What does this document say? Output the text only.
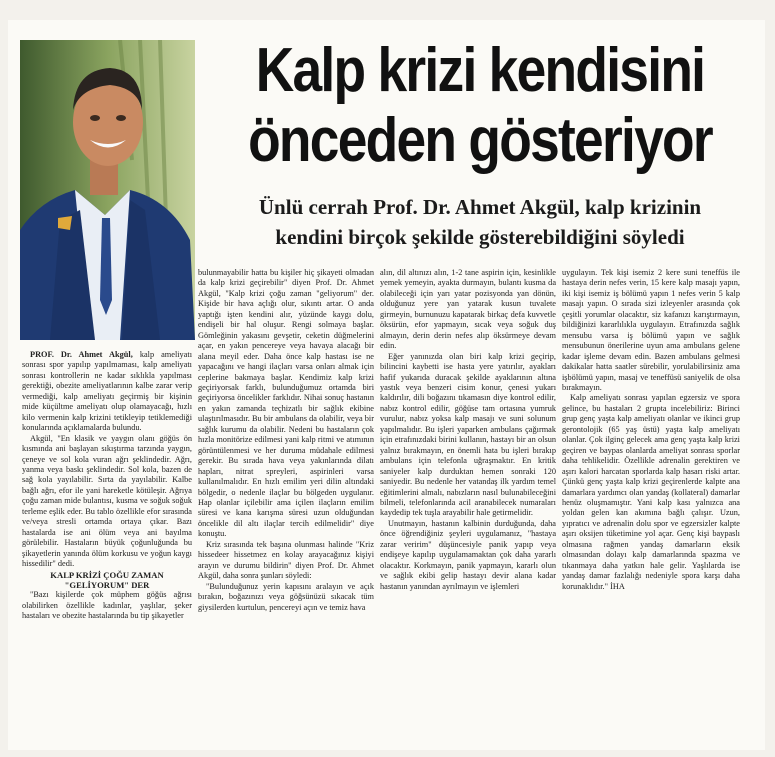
Kalp krizi kendisini
önceden gösteriyor
Ünlü cerrah Prof. Dr. Ahmet Akgül, kalp krizinin
kendini birçok şekilde gösterebildiğini söyledi

PROF. Dr. Ahmet Akgül, kalp ameliyatı sonrası spor yapılıp yapılmaması, kalp ameliyatı sonrası kontrollerin ne kadar sıklıkla yapılması gerektiği, obezite ameliyatlarının kalbe zarar verip vermediği, kalp ameliyatı geçirmiş bir kişinin mide küçültme ameliyatı olup olamayacağı, hızlı kilo vermenin kalp krizini tetikleyip tetiklemediği konularında açıklamalarda bulundu.

Akgül, "En klasik ve yaygın olanı göğüs ön kısmında ani başlayan sıkıştırma tarzında yaygın, çeneye ve sol kola vuran ağrı şeklindedir. Ağrı, yanma veya baskı şeklindedir. Sol kola, bazen de sağ kola yayılabilir. Sırta da yayılabilir. Kalbe bağlı ağrı, efor ile yani hareketle kötüleşir. Ağrıya çoğu zaman mide bulantısı, kusma ve soğuk soğuk terleme eşlik eder. Bu tablo özellikle efor sırasında ve/veya stresli ortamda ortaya çıkar. Bazı hastalarda ise ani ölüm veya ani bayılma görülebilir. Hastaların büyük çoğunluğunda bu şikayetlerin yanında ölüm korkusu ve yoğun kaygı hissedilir" dedi.

KALP KRİZİ ÇOĞU ZAMAN

"GELİYORUM" DER

"Bazı kişilerde çok müphem göğüs ağrısı olabilirken özellikle kadınlar, yaşlılar, şeker hastaları ve obezite hastalarında bu tip şikayetler

bulunmayabilir hatta bu kişiler hiç şikayeti olmadan da kalp krizi geçirebilir" diyen Prof. Dr. Ahmet Akgül, "Kalp krizi çoğu zaman "geliyorum" der. Kişide bir hava açlığı olur, sıkıntı artar. O anda yaptığı işten kendini alır, yüzünde kaygı dolu, endişeli bir hal oluşur. Rengi solmaya başlar. Gömleğinin yakasını gevşetir, ceketin düğmelerini açar, en yakın pencereye veya havaya alacağı bir alana meyil eder. Daha önce kalp hastası ise ne yapacağını ve hangi ilaçları varsa onları almak için ceplerine bakmaya başlar. Kendimiz kalp krizi geçiriyorsak farklı, bulunduğumuz ortamda biri geçiriyorsa öncelikler farklıdır. Nihai sonuç hastanın en yakın zamanda teçhizatlı bir sağlık ekibine ulaştırılmasıdır. Bu bir ambulans da olabilir, veya bir sağlık kurumu da olabilir. Nedeni bu hastaların çok hızla monitörize edilmesi yani kalp ritmi ve atımının görüntülenmesi ve her duruma müdahale edilmesi gerekir. Bu sırada hava veya yakınlarında dilatı hapları, nitrat spreyleri, aspirinleri varsa kullanılmalıdır. En hızlı emilim yeri dilin altındaki bölgedir, o nedenle ilaçlar bu bölgeden uygulanır. Hap olanlar içilebilir ama içilen ilaçların emilim süresi ve kana karışma süresi uzun olduğundan öncelikle dil altı ilaçlar tercih edilmelidir" diye konuştu.

Kriz sırasında tek başına olunması halinde "Kriz hissedeer hissetmez en kolay arayacağınız kişiyi arayın ve durumu bildirin" diyen Prof. Dr. Ahmet Akgül, daha sonra şunları söyledi:

"Bulunduğunuz yerin kapısını aralayın ve açık bırakın, boğazınızı veya göğsünüzü sıkacak tüm giysilerden kurtulun, pencereyi açın ve temiz hava

alın, dil altınızı alın, 1-2 tane aspirin için, kesinlikle yemek yemeyin, ayakta durmayın, bulantı kusma da olabileceği için yarı yatar pozisyonda yan dönün, olduğunuz yere yan yatarak kusun tuvalete girmeyin, burnunuzu kapatarak birkaç defa kuvvetle öksürün, efor yapmayın, sıcak veya soğuk duş almayın, derin derin nefes alıp öksürmeye devam edin.

Eğer yanınızda olan biri kalp krizi geçirip, bilincini kaybetti ise hasta yere yatırılır, ayakları hafif yukarıda duracak şekilde ayaklarının altına yastık veya benzeri cisim konur, çenesi yukarı kaldırılır, dili boğazını tıkamasın diye kontrol edilir, nabız kontrol edilir, göğüse tam ortasına yumruk vurulur, nabız yoksa kalp masajı ve suni solunum yapılmalıdır. Bu işleri yaparken ambulans çağırmak için etrafınızdaki birini kullanın, hastayı bir an olsun yalnız bırakmayın, en önemli hata bu işleri bırakıp ambulans için telefonla uğraşmaktır. En kritik saniyeler kalp durduktan hemen sonraki 120 saniyedir. Bu nedenle her vatandaş ilk yardım temel eğitimlerini almalı, nabızların nasıl bulunabileceğini bilmeli, telefonlarında acil aranabilecek numaraları kaydedip tek tuşla arayabilir hale getirmelidir.

Unutmayın, hastanın kalbinin durduğunda, daha önce öğrendiğiniz şeyleri uygulamanız, "hastaya zarar veririm" düşüncesiyle panik yapıp veya endişeye kapılıp uygulamamaktan çok daha yararlı olacaktır. Korkmayın, panik yapmayın, kararlı olun ve sağlık ekibi gelip hastayı devir alana kadar hastanın yanından ayrılmayın ve işlemleri

uygulayın. Tek kişi isemiz 2 kere suni teneffüs ile hastaya derin nefes verin, 15 kere kalp masajı yapın, iki kişi isemiz iş bölümü yapın 1 nefes verin 5 kalp masajı yapın. O sırada sizi izleyenler arasında çok çeşitli yorumlar olacaktır, siz kafanızı karıştırmayın, bildiğinizi kararlılıkla uygulayın. Etrafınızda sağlık mensubu varsa iş bölümü yapın ve sağlık mensubunun önerilerine uyun ama ambulans gelene kadar işleme devam edin. Bazen ambulans gelmesi dakikalar hatta saatler sürebilir, yorulabilirsiniz ama işbölümü yapın, masaj ve teneffüsü saniyelik de olsa bırakmayın.

Kalp ameliyatı sonrası yapılan egzersiz ve spora gelince, bu hastaları 2 grupta incelebiliriz: Birinci grup genç yaşta kalp ameliyatı olanlar ve ikinci grup gerontolojik (65 yaş üstü) yaşta kalp ameliyatı olanlar. Çok ilginç gelecek ama genç yaşta kalp krizi geçiren ve baypas olanlarda ameliyat sonrası sporlar daha tehlikelidir. Özellikle adrenalin gerektiren ve aşırı kalori harcatan sporlarda kalp hasarı riski artar. Çünkü genç yaşta kalp krizi geçirenlerde kalpte ana damarlara yardımcı olan yandaş (kollateral) damarlar henüz oluşmamıştır. Yani kalp kası yalnızca ana yoldan gelen kan akımına bağlı çalışır. Uzun, yıpratıcı ve adrenalin dolu spor ve egzersizler kalpte aşırı oksijen tüketimine yol açar. Genç kişi baypaslı olmasına rağmen yandaş damarların eksik olmasından dolayı kalp damarlarında spazma ve tıkanmaya daha yatkın hale gelir. Yaşlılarda ise yandaş damar fazlalığı nedeniyle spora karşı daha korunaklıdır." İHA
